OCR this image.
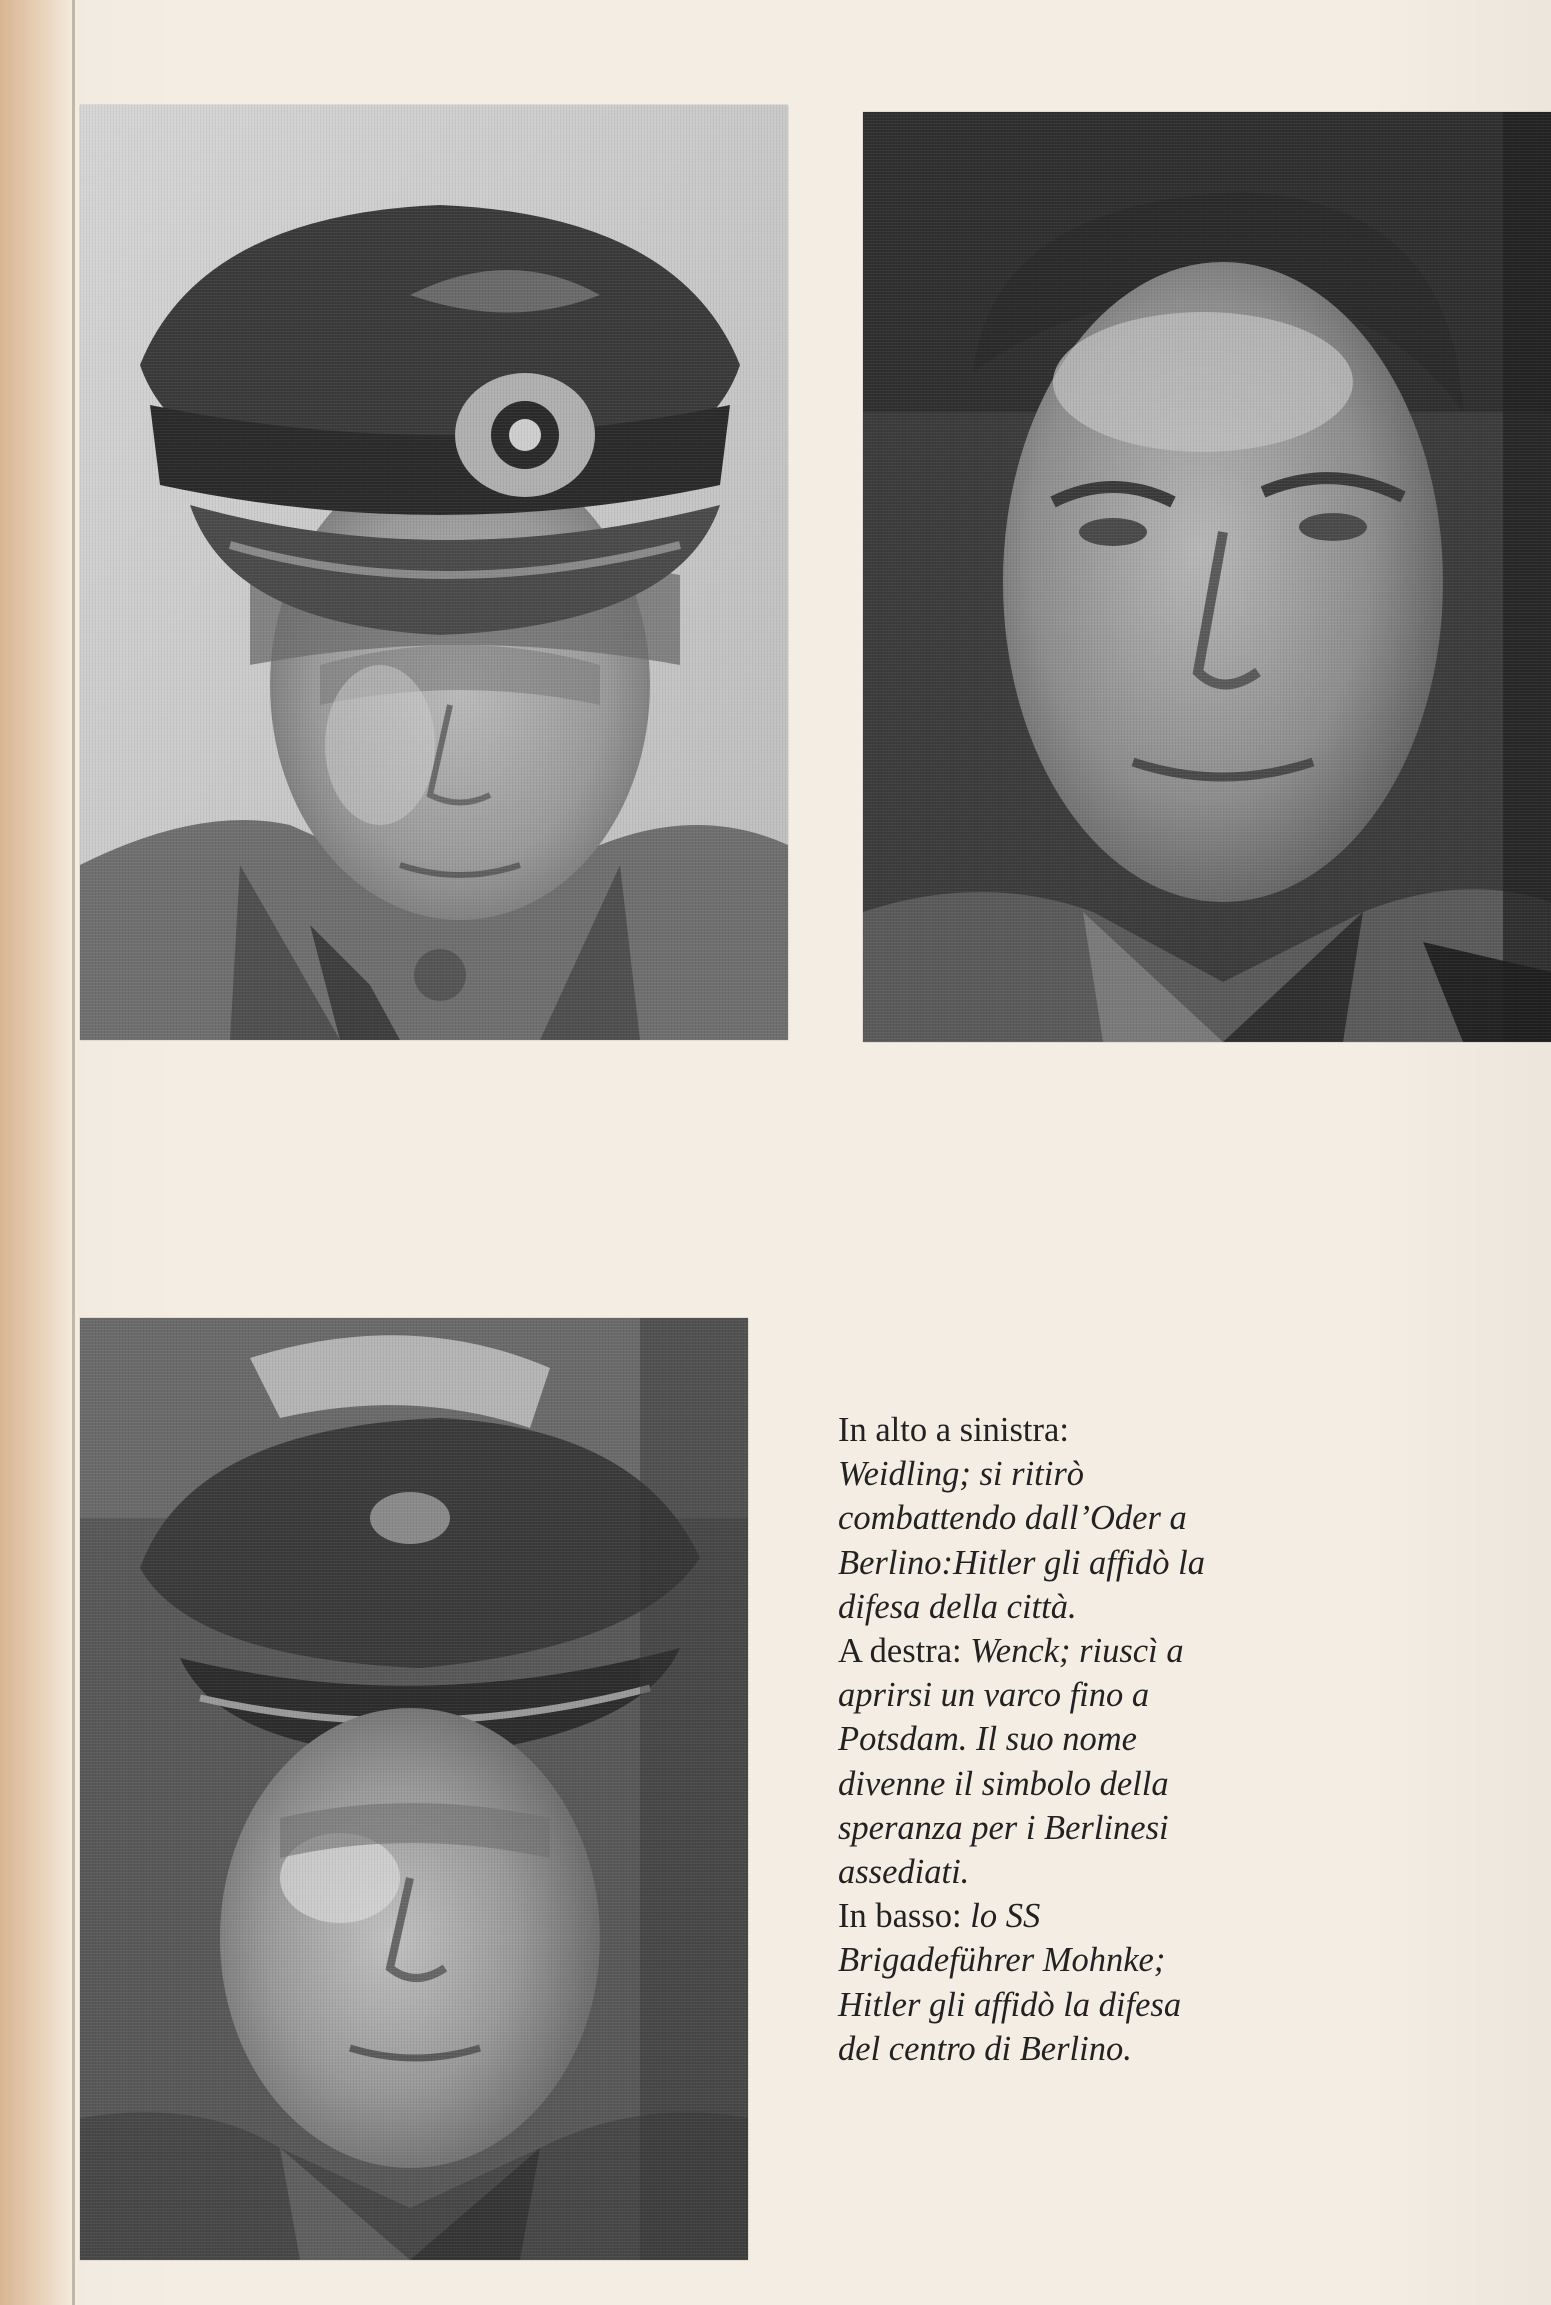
In alto a sinistra:
Weidling; si ritirò
combattendo dall’Oder a
Berlino:Hitler gli affidò la
difesa della città.
A destra: Wenck; riuscì a
aprirsi un varco fino a
Potsdam. Il suo nome
divenne il simbolo della
speranza per i Berlinesi
assediati.
In basso: lo SS
Brigadeführer Mohnke;
Hitler gli affidò la difesa
del centro di Berlino.
